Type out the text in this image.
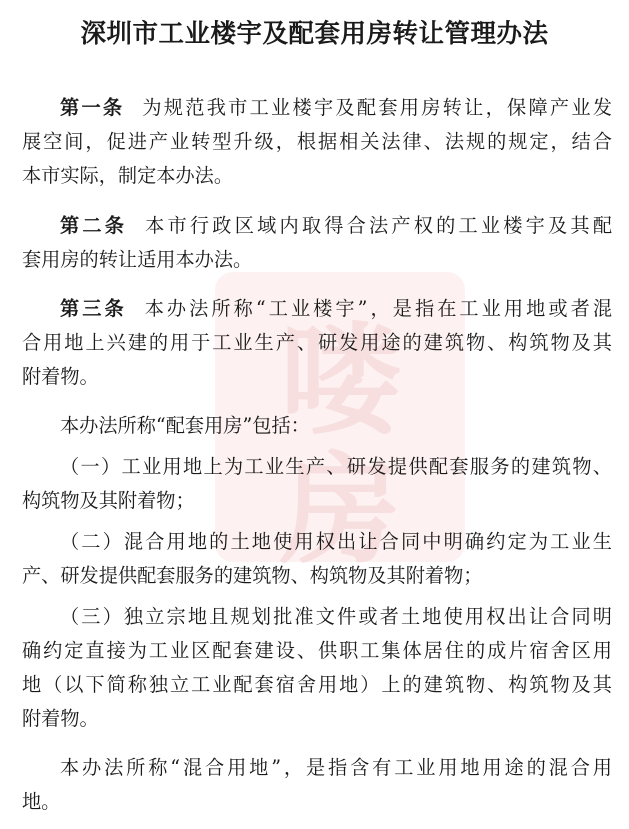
喽
房
深圳市工业楼宇及配套用房转让管理办法
第一条 为规范我市工业楼宇及配套用房转让，保障产业发
展空间，促进产业转型升级，根据相关法律、法规的规定，结合
本市实际，制定本办法。
第二条 本市行政区域内取得合法产权的工业楼宇及其配
套用房的转让适用本办法。
第三条 本办法所称“工业楼宇”，是指在工业用地或者混
合用地上兴建的用于工业生产、研发用途的建筑物、构筑物及其
附着物。
本办法所称“配套用房”包括：
（一）工业用地上为工业生产、研发提供配套服务的建筑物、
构筑物及其附着物；
（二）混合用地的土地使用权出让合同中明确约定为工业生
产、研发提供配套服务的建筑物、构筑物及其附着物；
（三）独立宗地且规划批准文件或者土地使用权出让合同明
确约定直接为工业区配套建设、供职工集体居住的成片宿舍区用
地（以下简称独立工业配套宿舍用地）上的建筑物、构筑物及其
附着物。
本办法所称“混合用地”，是指含有工业用地用途的混合用
地。
